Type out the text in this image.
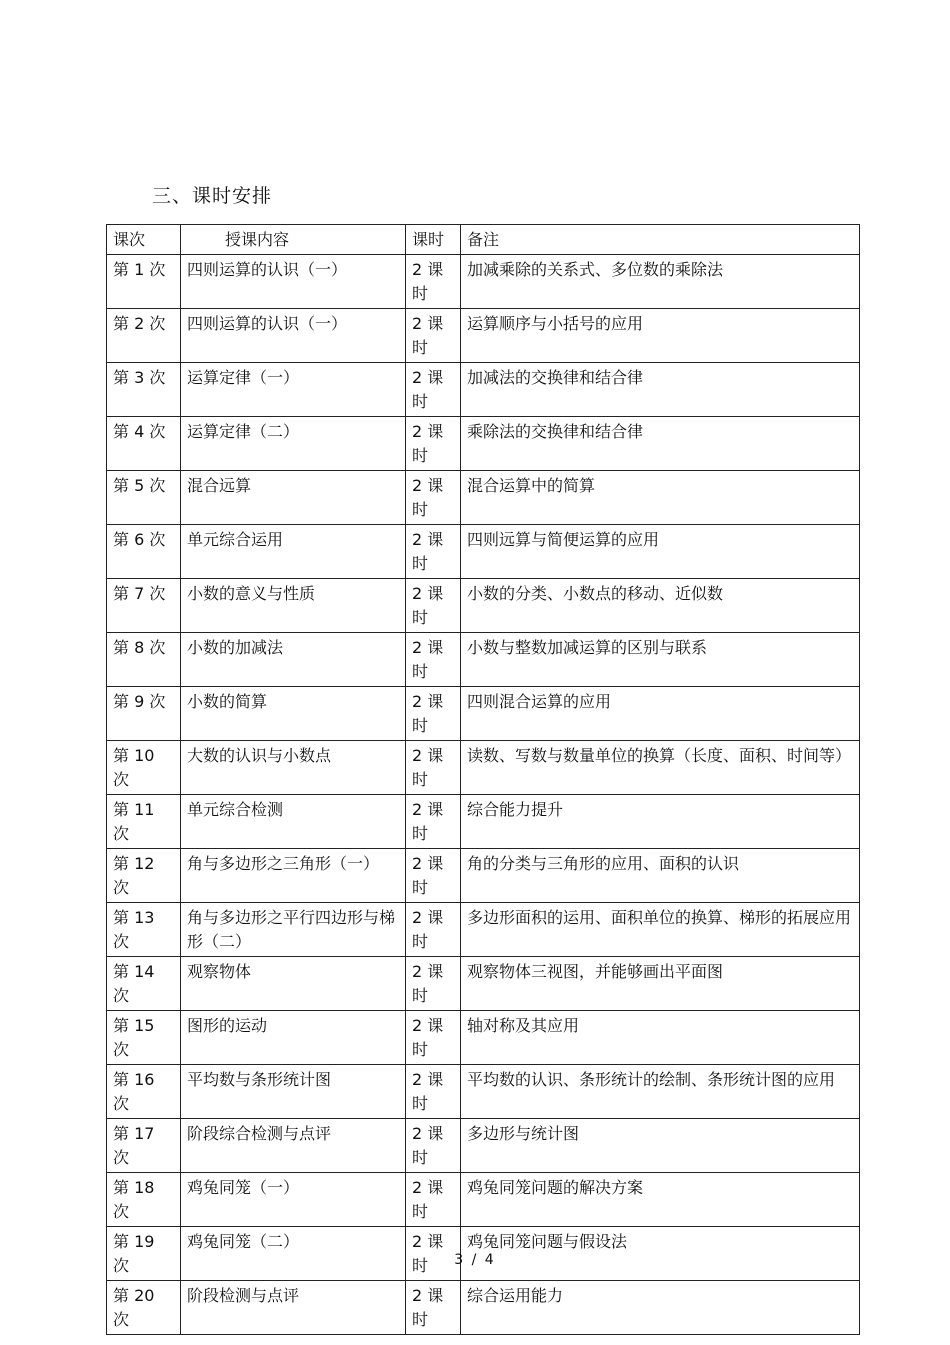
三、课时安排
课次	授课内容	课时	备注
第 1 次	四则运算的认识（一）	2 课时	加减乘除的关系式、多位数的乘除法
第 2 次	四则运算的认识（一）	2 课时	运算顺序与小括号的应用
第 3 次	运算定律（一）	2 课时	加减法的交换律和结合律
第 4 次	运算定律（二）	2 课时	乘除法的交换律和结合律
第 5 次	混合远算	2 课时	混合运算中的简算
第 6 次	单元综合运用	2 课时	四则远算与简便运算的应用
第 7 次	小数的意义与性质	2 课时	小数的分类、小数点的移动、近似数
第 8 次	小数的加减法	2 课时	小数与整数加减运算的区别与联系
第 9 次	小数的简算	2 课时	四则混合运算的应用
第 10 次	大数的认识与小数点	2 课时	读数、写数与数量单位的换算（长度、面积、时间等）
第 11 次	单元综合检测	2 课时	综合能力提升
第 12 次	角与多边形之三角形（一）	2 课时	角的分类与三角形的应用、面积的认识
第 13 次	角与多边形之平行四边形与梯形（二）	2 课时	多边形面积的运用、面积单位的换算、梯形的拓展应用
第 14 次	观察物体	2 课时	观察物体三视图，并能够画出平面图
第 15 次	图形的运动	2 课时	轴对称及其应用
第 16 次	平均数与条形统计图	2 课时	平均数的认识、条形统计的绘制、条形统计图的应用
第 17 次	阶段综合检测与点评	2 课时	多边形与统计图
第 18 次	鸡兔同笼（一）	2 课时	鸡兔同笼问题的解决方案
第 19 次	鸡兔同笼（二）	2 课时	鸡兔同笼问题与假设法
第 20 次	阶段检测与点评	2 课时	综合运用能力
3 / 4
